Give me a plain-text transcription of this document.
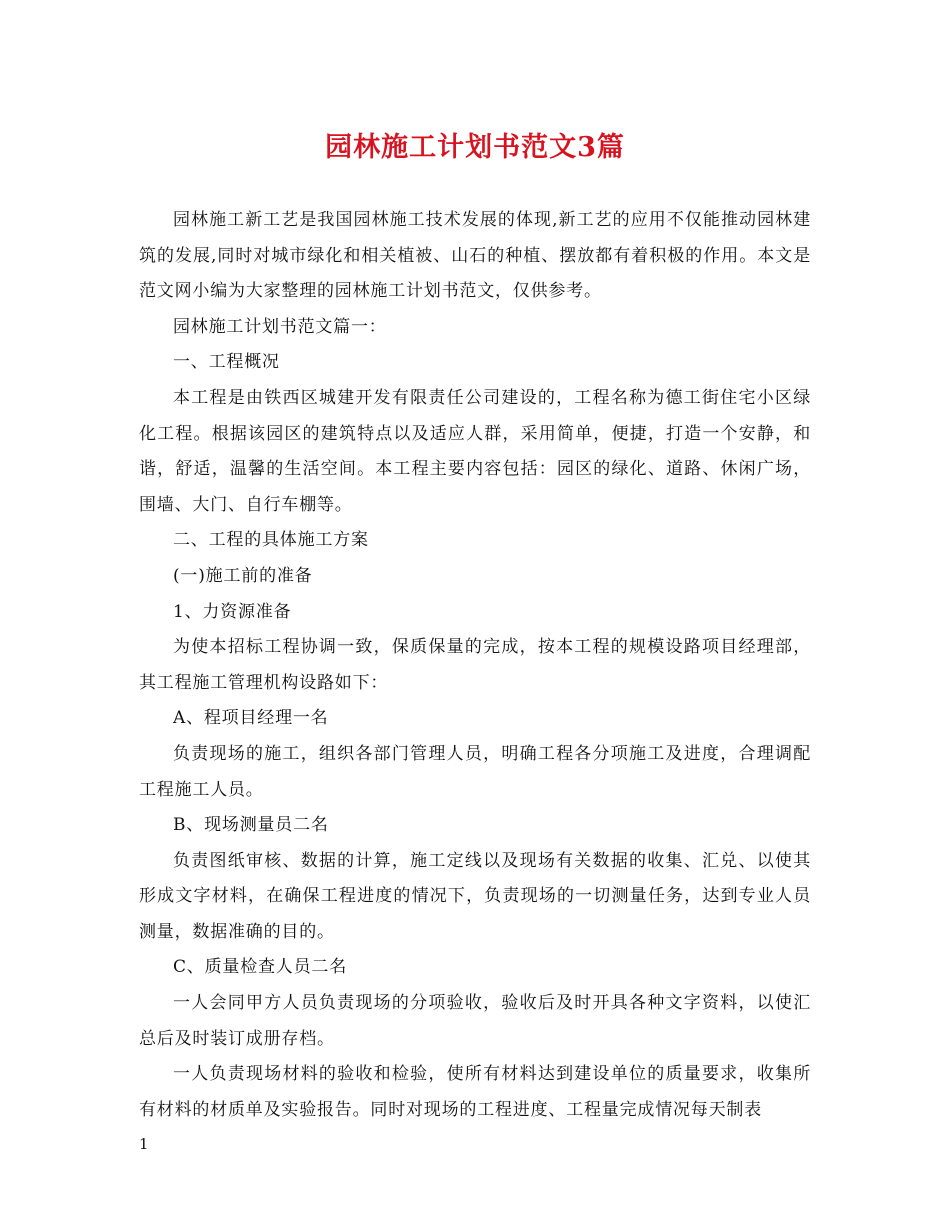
园林施工计划书范文3篇

园林施工新工艺是我国园林施工技术发展的体现,新工艺的应用不仅能推动园林建筑的发展,同时对城市绿化和相关植被、山石的种植、摆放都有着积极的作用。本文是范文网小编为大家整理的园林施工计划书范文，仅供参考。

园林施工计划书范文篇一：

一、工程概况

本工程是由铁西区城建开发有限责任公司建设的，工程名称为德工街住宅小区绿化工程。根据该园区的建筑特点以及适应人群，采用简单，便捷，打造一个安静，和谐，舒适，温馨的生活空间。本工程主要内容包括：园区的绿化、道路、休闲广场，围墙、大门、自行车棚等。

二、工程的具体施工方案

(一)施工前的准备

1、力资源准备

为使本招标工程协调一致，保质保量的完成，按本工程的规模设路项目经理部，其工程施工管理机构设路如下：

A、程项目经理一名

负责现场的施工，组织各部门管理人员，明确工程各分项施工及进度，合理调配工程施工人员。

B、现场测量员二名

负责图纸审核、数据的计算，施工定线以及现场有关数据的收集、汇兑、以使其形成文字材料，在确保工程进度的情况下，负责现场的一切测量任务，达到专业人员测量，数据准确的目的。

C、质量检查人员二名

一人会同甲方人员负责现场的分项验收，验收后及时开具各种文字资料，以使汇总后及时装订成册存档。

一人负责现场材料的验收和检验，使所有材料达到建设单位的质量要求，收集所有材料的材质单及实验报告。同时对现场的工程进度、工程量完成情况每天制表

1
